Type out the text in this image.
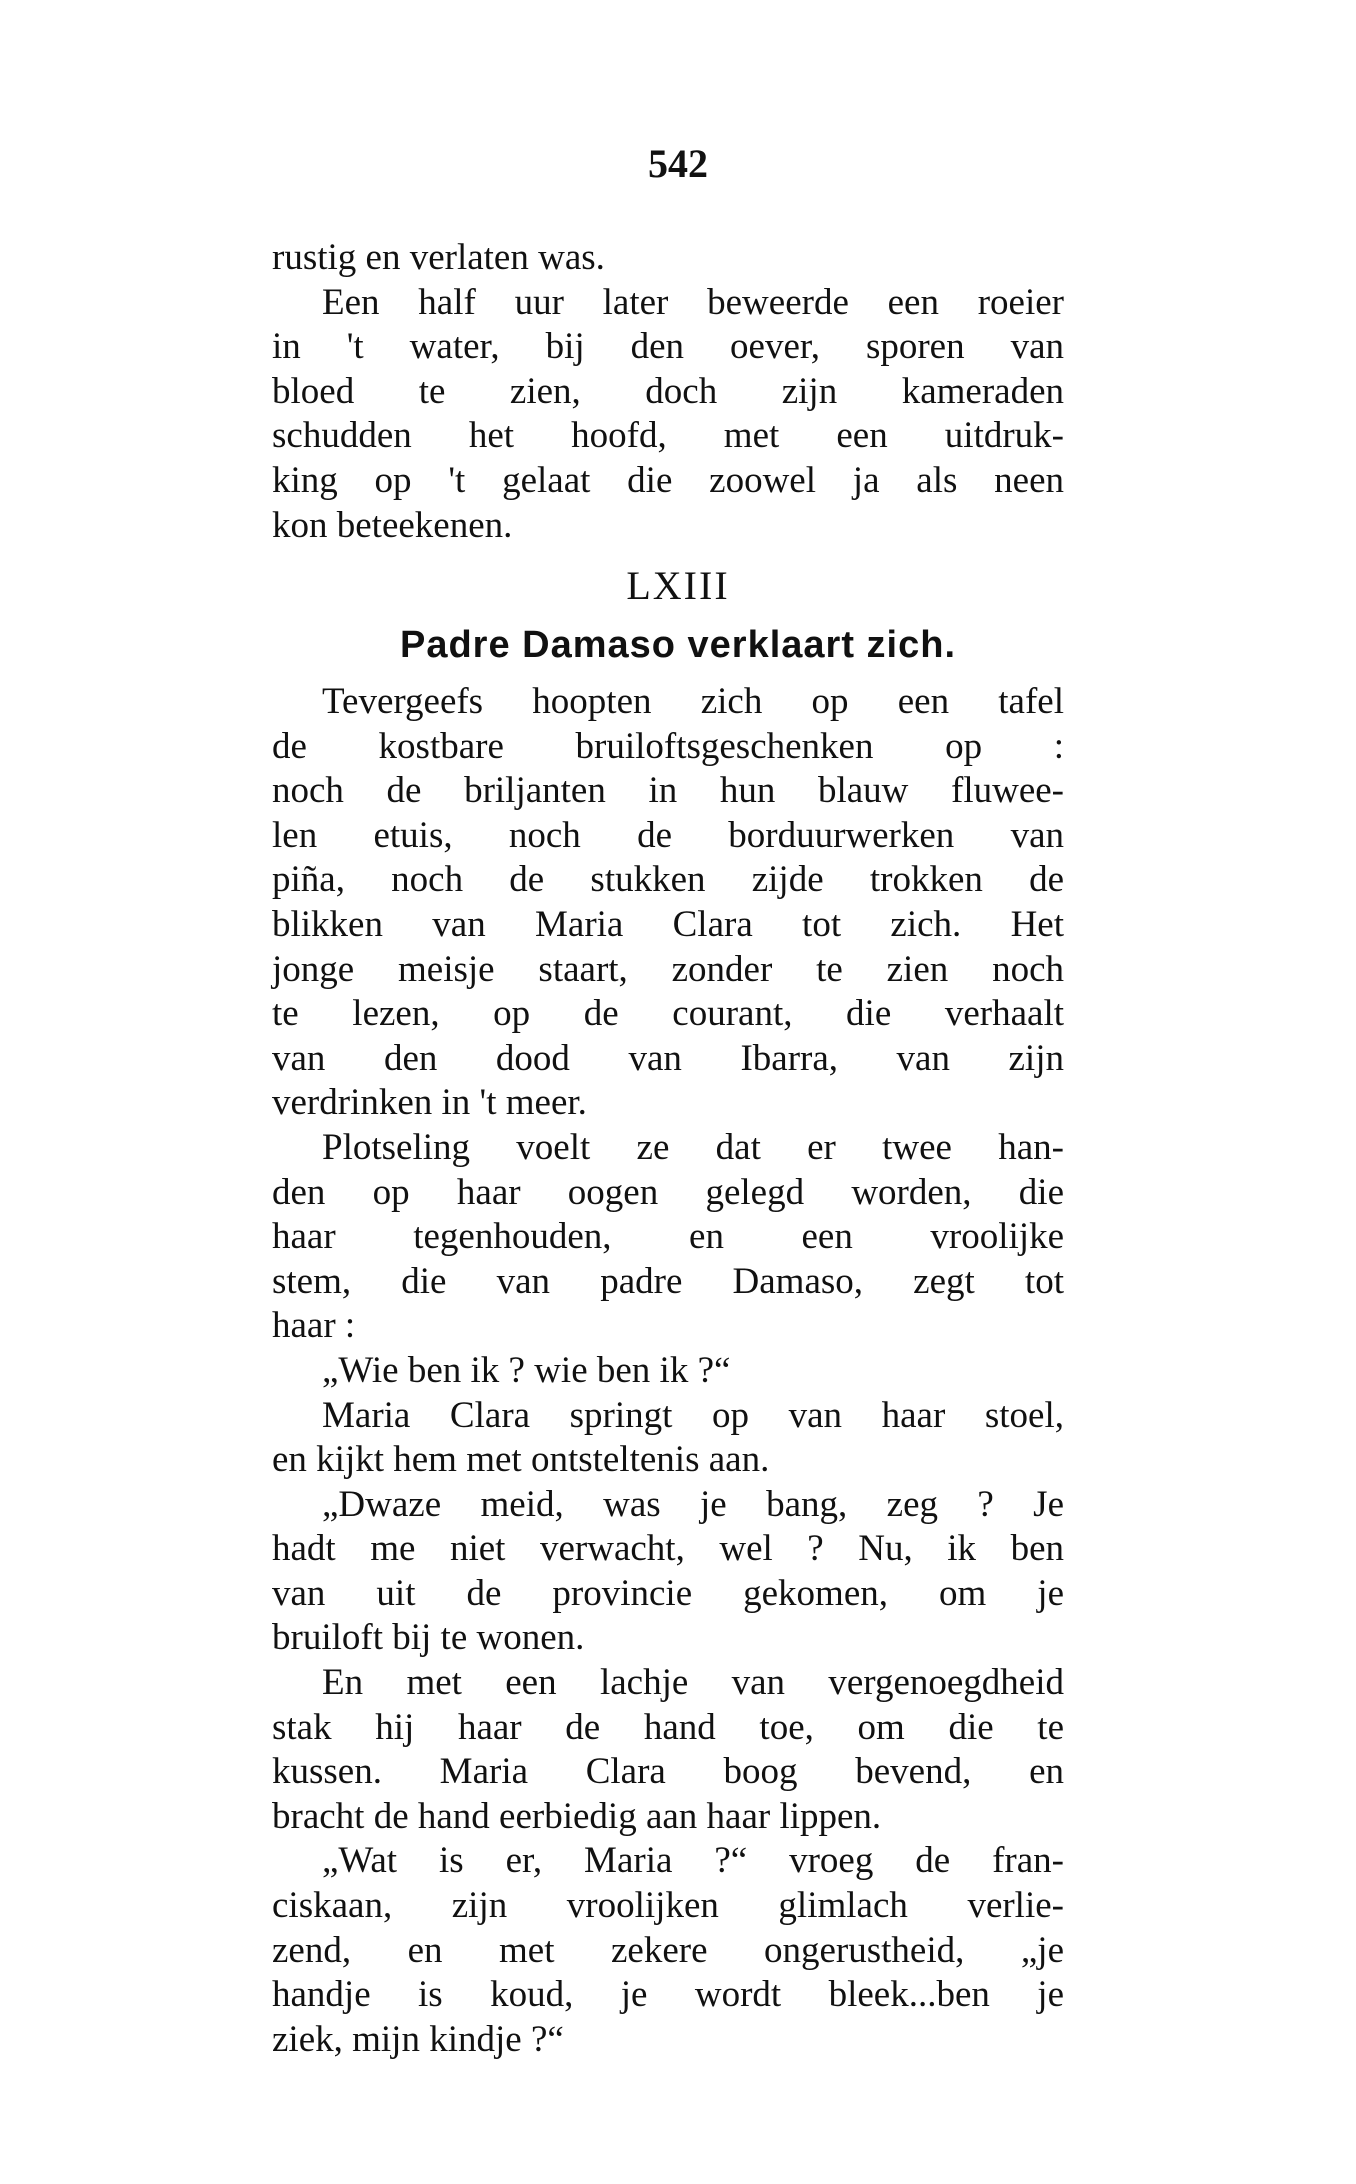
542
rustig en verlaten was.
Een half uur later beweerde een roeier
in 't water, bij den oever, sporen van
bloed te zien, doch zijn kameraden
schudden het hoofd, met een uitdruk-
king op 't gelaat die zoowel ja als neen
kon beteekenen.
LXIII
Padre Damaso verklaart zich.
Tevergeefs hoopten zich op een tafel
de kostbare bruiloftsgeschenken op :
noch de briljanten in hun blauw fluwee-
len etuis, noch de borduurwerken van
piña, noch de stukken zijde trokken de
blikken van Maria Clara tot zich. Het
jonge meisje staart, zonder te zien noch
te lezen, op de courant, die verhaalt
van den dood van Ibarra, van zijn
verdrinken in 't meer.
Plotseling voelt ze dat er twee han-
den op haar oogen gelegd worden, die
haar tegenhouden, en een vroolijke
stem, die van padre Damaso, zegt tot
haar :
„Wie ben ik ? wie ben ik ?“
Maria Clara springt op van haar stoel,
en kijkt hem met ontsteltenis aan.
„Dwaze meid, was je bang, zeg ? Je
hadt me niet verwacht, wel ? Nu, ik ben
van uit de provincie gekomen, om je
bruiloft bij te wonen.
En met een lachje van vergenoegdheid
stak hij haar de hand toe, om die te
kussen. Maria Clara boog bevend, en
bracht de hand eerbiedig aan haar lippen.
„Wat is er, Maria ?“ vroeg de fran-
ciskaan, zijn vroolijken glimlach verlie-
zend, en met zekere ongerustheid, „je
handje is koud, je wordt bleek...ben je
ziek, mijn kindje ?“
